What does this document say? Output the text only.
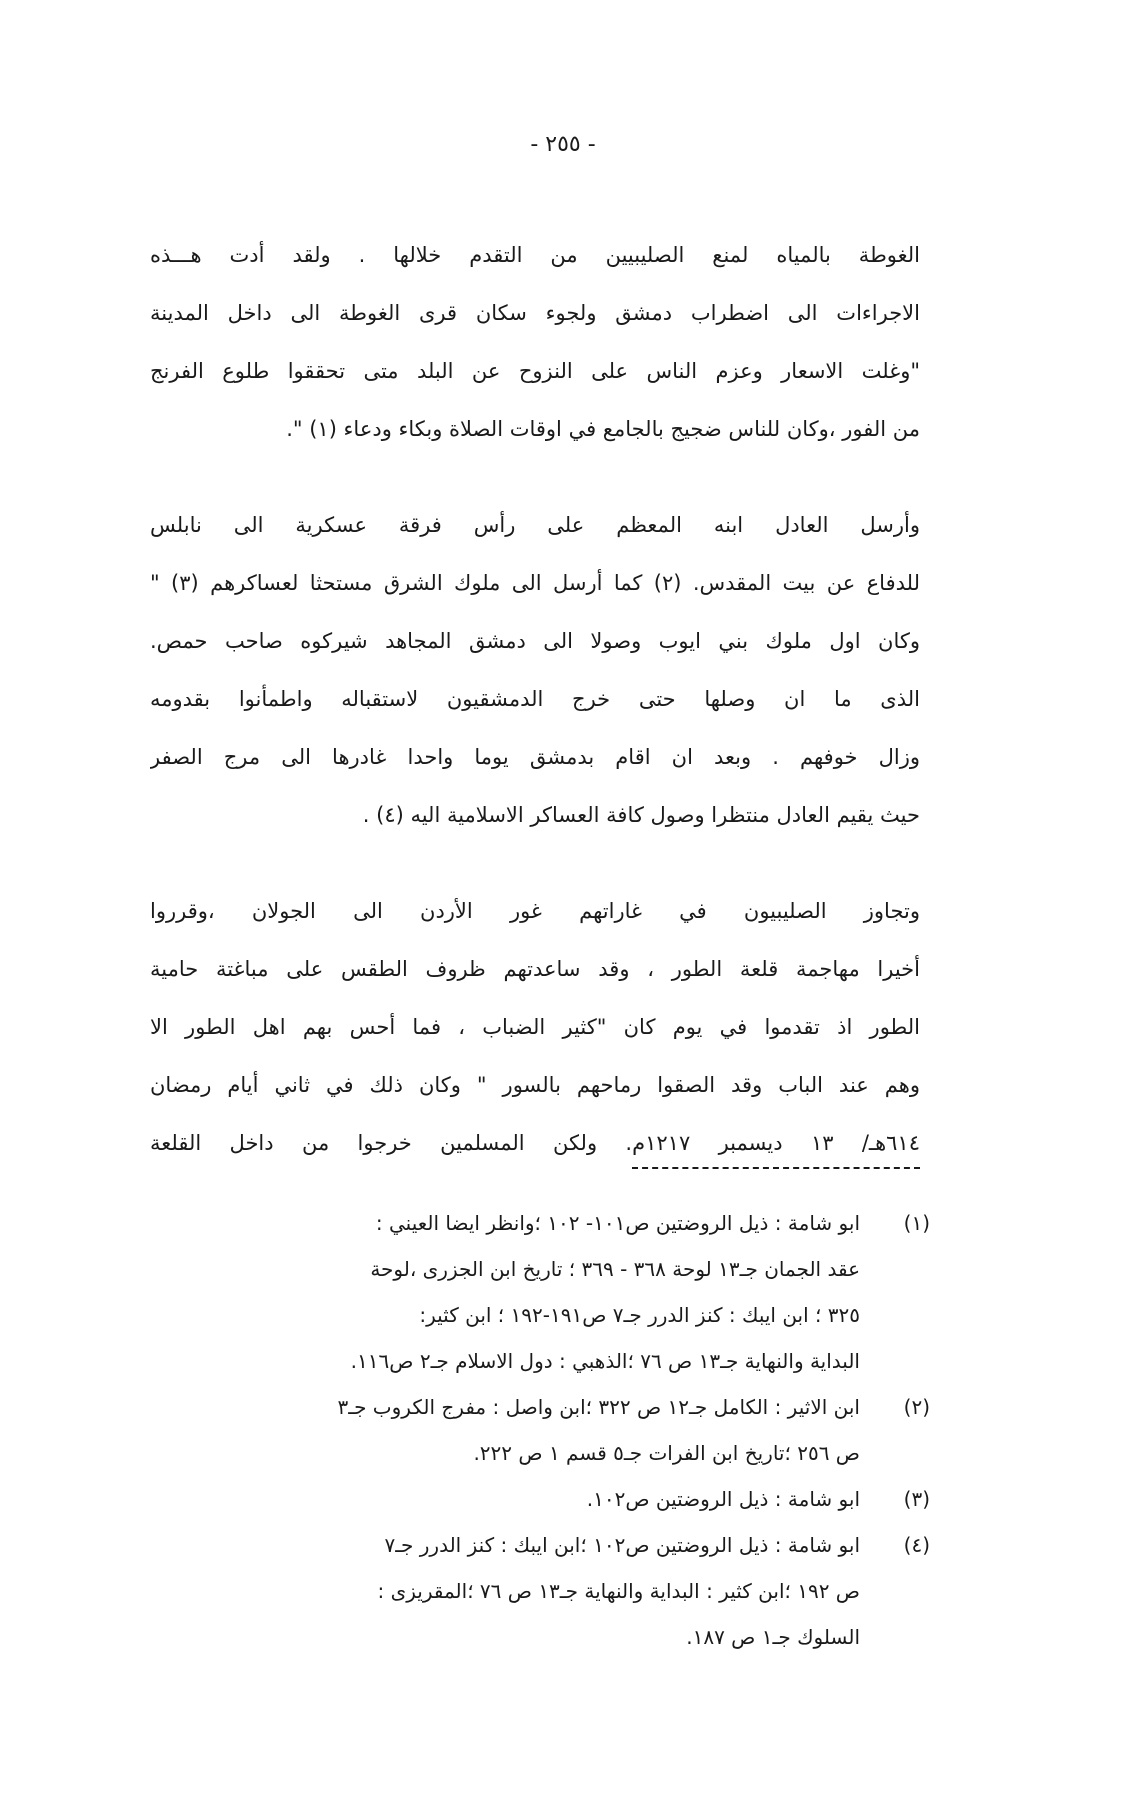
- ٢٥٥ -
الغوطة بالمياه لمنع الصليبيين من التقدم خلالها . ولقد أدت هـــذه
الاجراءات الى اضطراب دمشق ولجوء سكان قرى الغوطة الى داخل المدينة
"وغلت الاسعار وعزم الناس على النزوح عن البلد متى تحققوا طلوع الفرنج
من الفور ،وكان للناس ضجيج بالجامع في اوقات الصلاة وبكاء ودعاء (١) ".
وأرسل العادل ابنه المعظم على رأس فرقة عسكرية الى نابلس
للدفاع عن بيت المقدس. (٢) كما أرسل الى ملوك الشرق مستحثا لعساكرهم (٣) "
وكان اول ملوك بني ايوب وصولا الى دمشق المجاهد شيركوه صاحب حمص.
الذى ما ان وصلها حتى خرج الدمشقيون لاستقباله واطمأنوا بقدومه
وزال خوفهم . وبعد ان اقام بدمشق يوما واحدا غادرها الى مرج الصفر
حيث يقيم العادل منتظرا وصول كافة العساكر الاسلامية اليه (٤) .
وتجاوز الصليبيون في غاراتهم غور الأردن الى الجولان ،وقرروا
أخيرا مهاجمة قلعة الطور ، وقد ساعدتهم ظروف الطقس على مباغتة حامية
الطور اذ تقدموا في يوم كان "كثير الضباب ، فما أحس بهم اهل الطور الا
وهم عند الباب وقد الصقوا رماحهم بالسور " وكان ذلك في ثاني أيام رمضان
٦١٤هـ/ ١٣ ديسمبر ١٢١٧م. ولكن المسلمين خرجوا من داخل القلعة
(١)
ابو شامة : ذيل الروضتين ص١٠١- ١٠٢ ؛وانظر ايضا العيني :
عقد الجمان جـ١٣ لوحة ٣٦٨ - ٣٦٩ ؛ تاريخ ابن الجزرى ،لوحة
٣٢٥ ؛ ابن ايبك : كنز الدرر جـ٧ ص١٩١-١٩٢ ؛ ابن كثير:
البداية والنهاية جـ١٣ ص ٧٦ ؛الذهبي : دول الاسلام جـ٢ ص١١٦.
(٢)
ابن الاثير : الكامل جـ١٢ ص ٣٢٢ ؛ابن واصل : مفرج الكروب جـ٣
ص ٢٥٦ ؛تاريخ ابن الفرات جـ٥ قسم ١ ص ٢٢٢.
(٣)
ابو شامة : ذيل الروضتين ص١٠٢.
(٤)
ابو شامة : ذيل الروضتين ص١٠٢ ؛ابن ايبك : كنز الدرر جـ٧
ص ١٩٢ ؛ابن كثير : البداية والنهاية جـ١٣ ص ٧٦ ؛المقريزى :
السلوك جـ١ ص ١٨٧.
